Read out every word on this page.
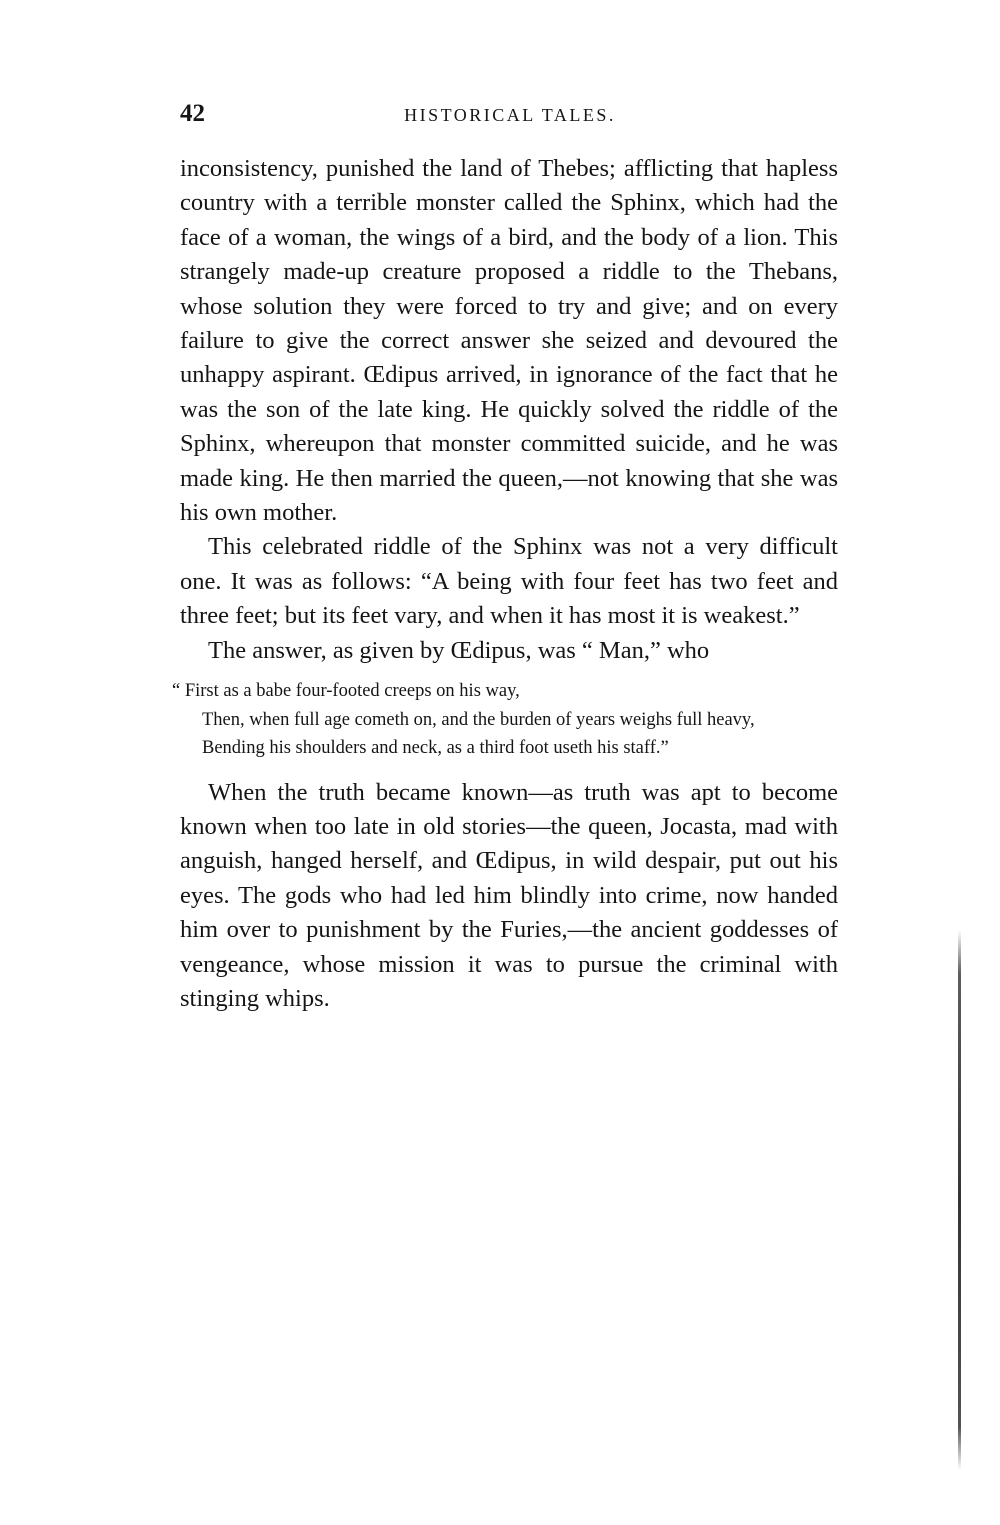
42	HISTORICAL TALES.

inconsistency, punished the land of Thebes; afflicting that hapless country with a terrible monster called the Sphinx, which had the face of a woman, the wings of a bird, and the body of a lion. This strangely made-up creature proposed a riddle to the Thebans, whose solution they were forced to try and give; and on every failure to give the correct answer she seized and devoured the unhappy aspirant. Œdipus arrived, in ignorance of the fact that he was the son of the late king. He quickly solved the riddle of the Sphinx, whereupon that monster committed suicide, and he was made king. He then married the queen,—not knowing that she was his own mother.

This celebrated riddle of the Sphinx was not a very difficult one. It was as follows: “A being with four feet has two feet and three feet; but its feet vary, and when it has most it is weakest.”

The answer, as given by Œdipus, was “ Man,” who

“ First as a babe four-footed creeps on his way,

Then, when full age cometh on, and the burden of years weighs full heavy,

Bending his shoulders and neck, as a third foot useth his staff.”

When the truth became known—as truth was apt to become known when too late in old stories—the queen, Jocasta, mad with anguish, hanged herself, and Œdipus, in wild despair, put out his eyes. The gods who had led him blindly into crime, now handed him over to punishment by the Furies,—the ancient goddesses of vengeance, whose mission it was to pursue the criminal with stinging whips.
